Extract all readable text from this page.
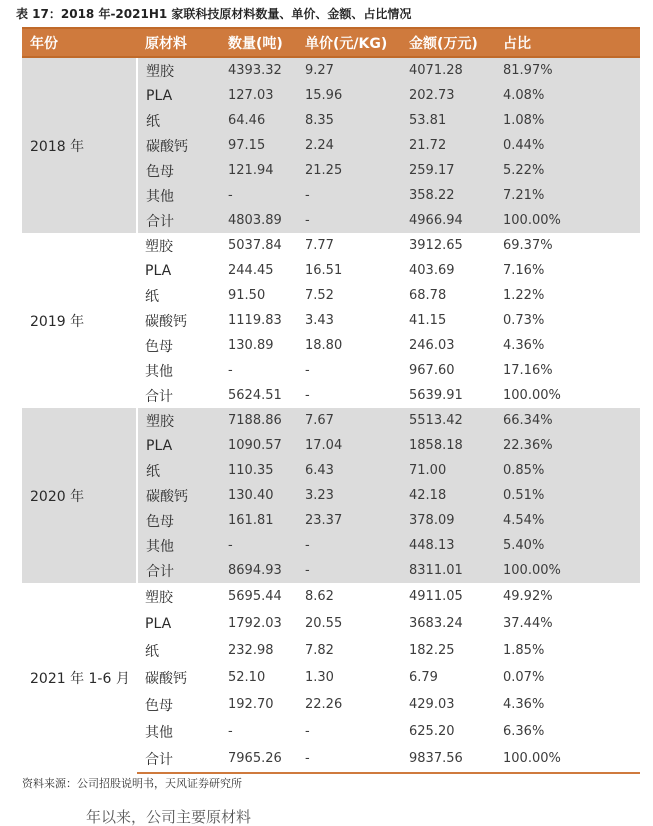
表 17：2018 年-2021H1 家联科技原材料数量、单价、金额、占比情况
年份	原材料	数量(吨)	单价(元/KG)	金额(万元)	占比
2018 年	塑胶	4393.32	9.27	4071.28	81.97%
	PLA	127.03	15.96	202.73	4.08%
	纸	64.46	8.35	53.81	1.08%
	碳酸钙	97.15	2.24	21.72	0.44%
	色母	121.94	21.25	259.17	5.22%
	其他	-	-	358.22	7.21%
	合计	4803.89	-	4966.94	100.00%
2019 年	塑胶	5037.84	7.77	3912.65	69.37%
	PLA	244.45	16.51	403.69	7.16%
	纸	91.50	7.52	68.78	1.22%
	碳酸钙	1119.83	3.43	41.15	0.73%
	色母	130.89	18.80	246.03	4.36%
	其他	-	-	967.60	17.16%
	合计	5624.51	-	5639.91	100.00%
2020 年	塑胶	7188.86	7.67	5513.42	66.34%
	PLA	1090.57	17.04	1858.18	22.36%
	纸	110.35	6.43	71.00	0.85%
	碳酸钙	130.40	3.23	42.18	0.51%
	色母	161.81	23.37	378.09	4.54%
	其他	-	-	448.13	5.40%
	合计	8694.93	-	8311.01	100.00%
2021 年 1-6 月	塑胶	5695.44	8.62	4911.05	49.92%
	PLA	1792.03	20.55	3683.24	37.44%
	纸	232.98	7.82	182.25	1.85%
	碳酸钙	52.10	1.30	6.79	0.07%
	色母	192.70	22.26	429.03	4.36%
	其他	-	-	625.20	6.36%
	合计	7965.26	-	9837.56	100.00%
资料来源：公司招股说明书，天风证券研究所
年以来，公司主要原材料
